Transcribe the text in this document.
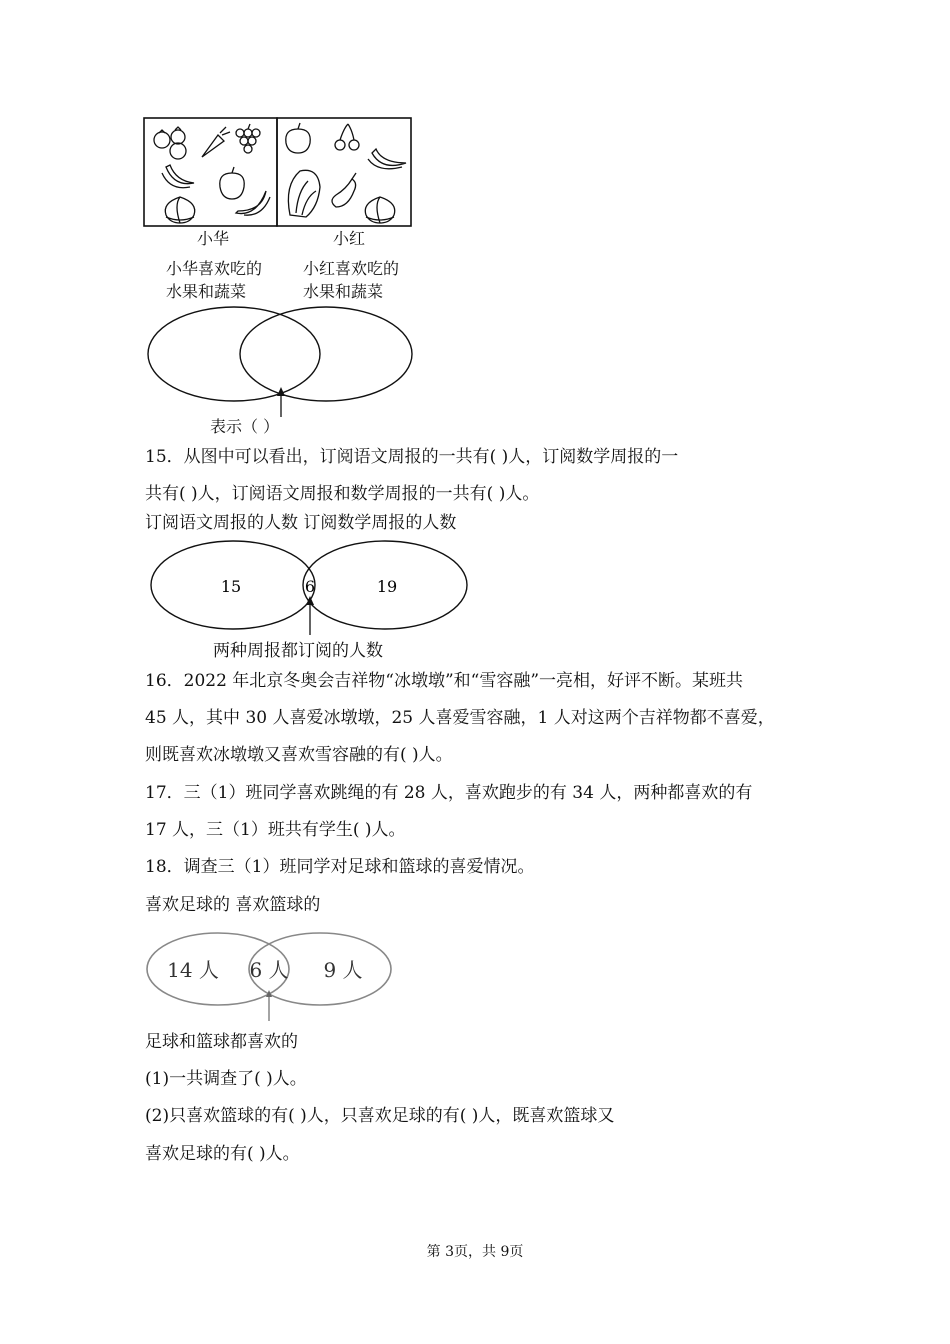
小华	小红
小华喜欢吃的
水果和蔬菜
小红喜欢吃的
水果和蔬菜
表示（ ）
15．从图中可以看出，订阅语文周报的一共有( )人，订阅数学周报的一
共有( )人，订阅语文周报和数学周报的一共有( )人。
订阅语文周报的人数 订阅数学周报的人数
15	6	19
两种周报都订阅的人数
16．2022 年北京冬奥会吉祥物“冰墩墩”和“雪容融”一亮相，好评不断。某班共
45 人，其中 30 人喜爱冰墩墩，25 人喜爱雪容融，1 人对这两个吉祥物都不喜爱，
则既喜欢冰墩墩又喜欢雪容融的有( )人。
17．三（1）班同学喜欢跳绳的有 28 人，喜欢跑步的有 34 人，两种都喜欢的有
17 人，三（1）班共有学生( )人。
18．调查三（1）班同学对足球和篮球的喜爱情况。
喜欢足球的 喜欢篮球的
14 人 6 人 9 人
足球和篮球都喜欢的
(1)一共调查了( )人。
(2)只喜欢篮球的有( )人，只喜欢足球的有( )人，既喜欢篮球又
喜欢足球的有( )人。
第 3页，共 9页
